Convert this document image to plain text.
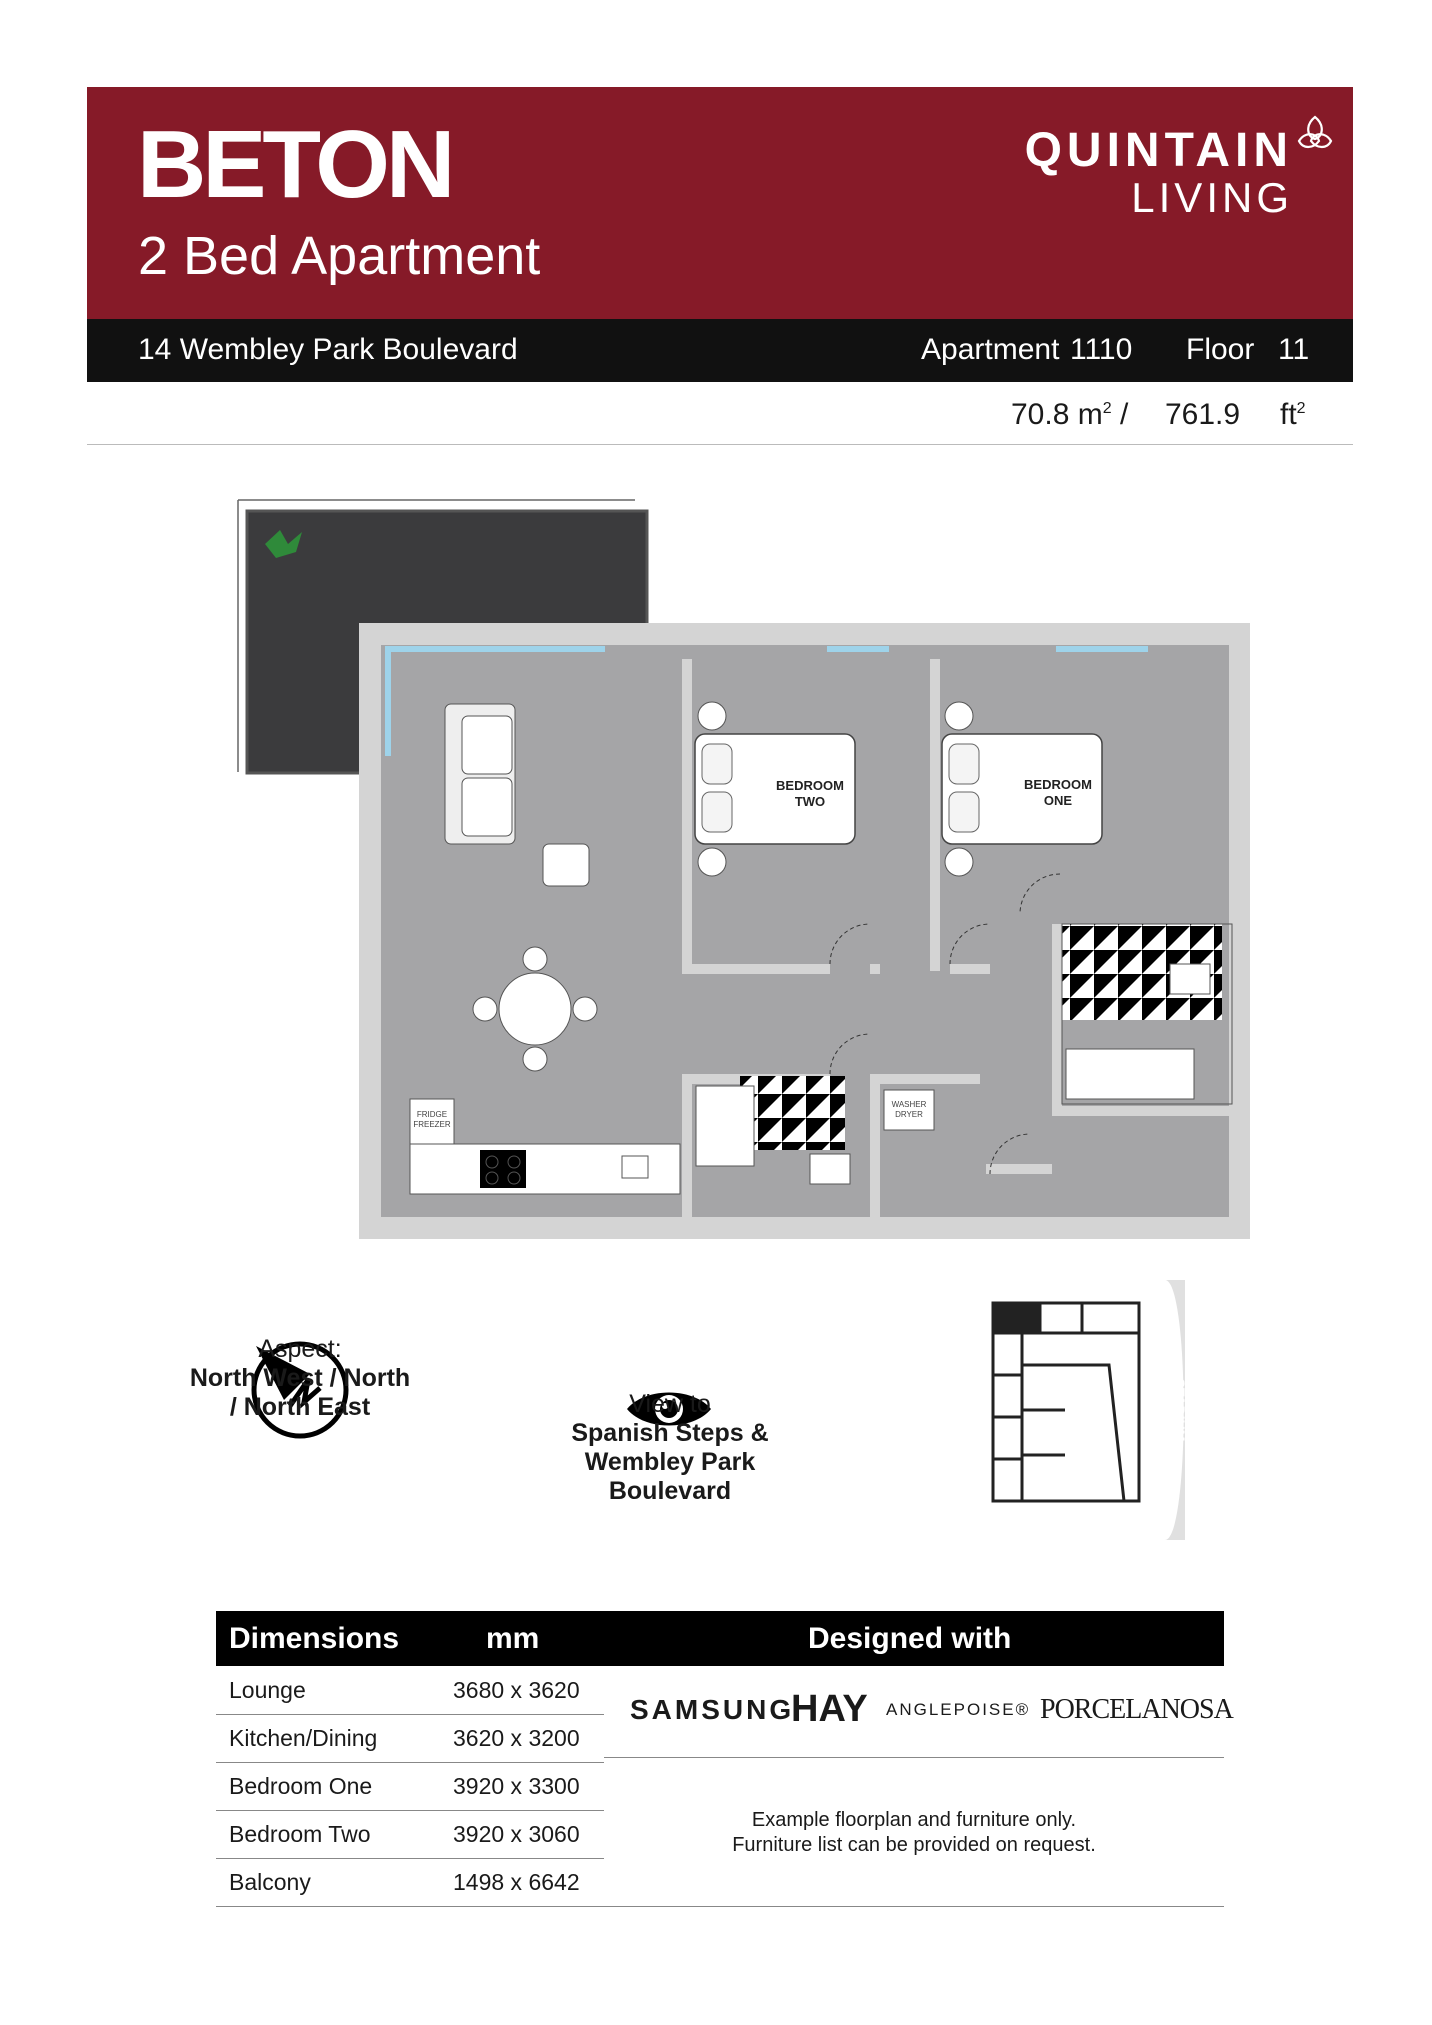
BETON
2 Bed Apartment
QUINTAIN
LIVING
14 Wembley Park Boulevard	Apartment 1110 Floor 11
70.8 $m^2 / 761.9$ $ft^2$
FRIDGE
FREEZER
BEDROOM
TWO
BEDROOM
ONE
WASHER
DRYER
Aspect:
North West / North
/ North East	View to
Spanish Steps &
Wembley Park
Boulevard
STADIUM
Dimensions	mm	Designed with
Lounge	3680 x 3620
Kitchen/Dining	3620 x 3200
Bedroom One	3920 x 3300
Bedroom Two	3920 x 3060
Balcony	1498 x 6642
SAMSUNG
HAY ANGLEPOISE® PORCELANOSA
Example floorplan and furniture only.
Furniture list can be provided on request.
